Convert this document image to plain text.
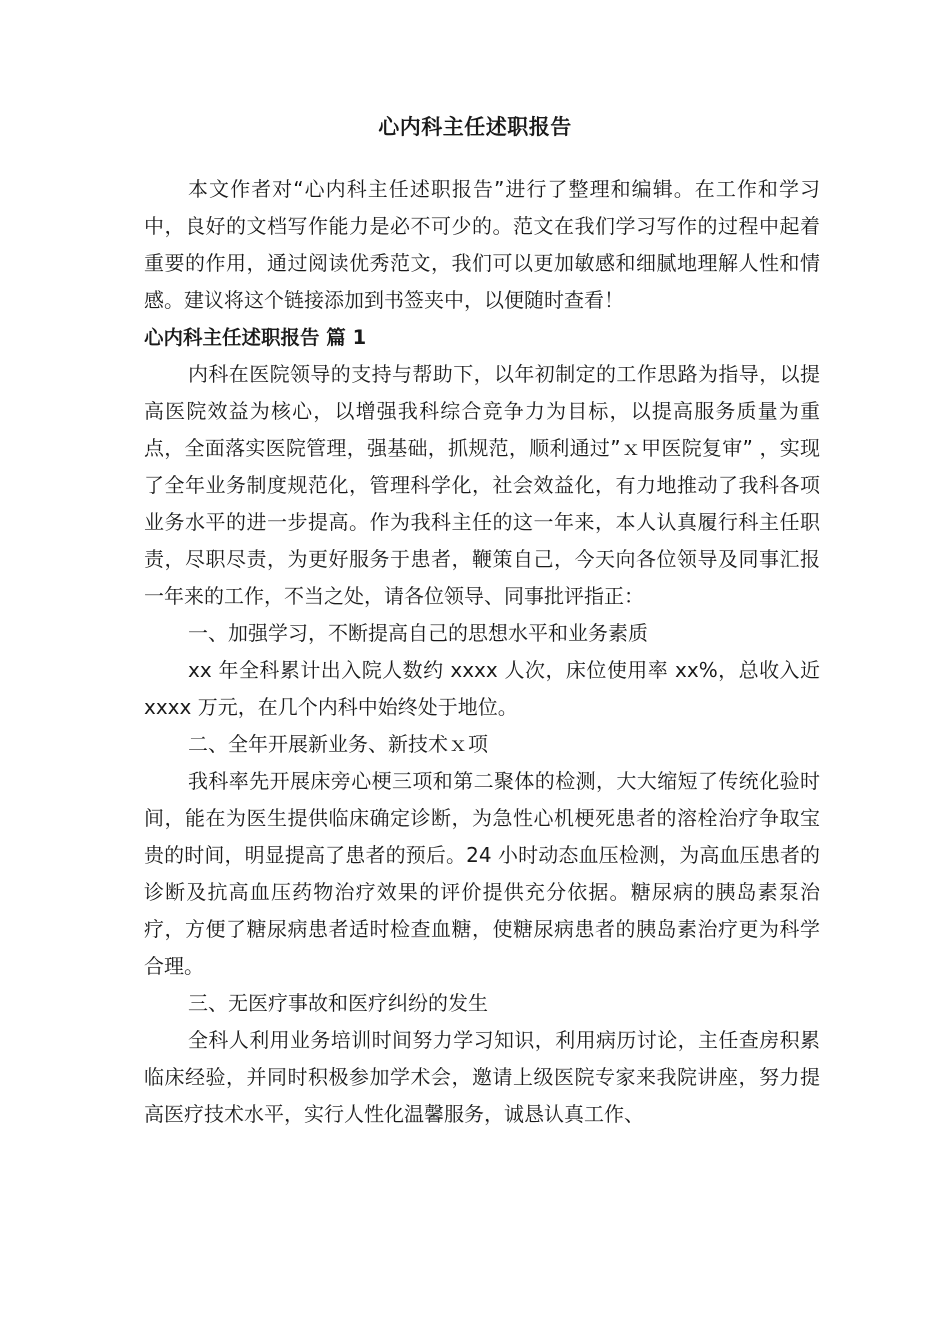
心内科主任述职报告

本文作者对“心内科主任述职报告”进行了整理和编辑。在工作和学习中，良好的文档写作能力是必不可少的。范文在我们学习写作的过程中起着重要的作用，通过阅读优秀范文，我们可以更加敏感和细腻地理解人性和情感。建议将这个链接添加到书签夹中，以便随时查看！

心内科主任述职报告 篇 1

内科在医院领导的支持与帮助下，以年初制定的工作思路为指导，以提高医院效益为核心，以增强我科综合竞争力为目标，以提高服务质量为重点，全面落实医院管理，强基础，抓规范，顺利通过”ｘ甲医院复审” ，实现了全年业务制度规范化，管理科学化，社会效益化，有力地推动了我科各项业务水平的进一步提高。作为我科主任的这一年来，本人认真履行科主任职责，尽职尽责，为更好服务于患者，鞭策自己，今天向各位领导及同事汇报一年来的工作，不当之处，请各位领导、同事批评指正：

一、加强学习，不断提高自己的思想水平和业务素质

xx 年全科累计出入院人数约 xxxx 人次，床位使用率 xx%，总收入近 xxxx 万元，在几个内科中始终处于地位。

二、全年开展新业务、新技术ｘ项

我科率先开展床旁心梗三项和第二聚体的检测，大大缩短了传统化验时间，能在为医生提供临床确定诊断，为急性心机梗死患者的溶栓治疗争取宝贵的时间，明显提高了患者的预后。24 小时动态血压检测，为高血压患者的诊断及抗高血压药物治疗效果的评价提供充分依据。糖尿病的胰岛素泵治疗，方便了糖尿病患者适时检查血糖，使糖尿病患者的胰岛素治疗更为科学合理。

三、无医疗事故和医疗纠纷的发生

全科人利用业务培训时间努力学习知识，利用病历讨论，主任查房积累临床经验，并同时积极参加学术会，邀请上级医院专家来我院讲座，努力提高医疗技术水平，实行人性化温馨服务，诚恳认真工作、
